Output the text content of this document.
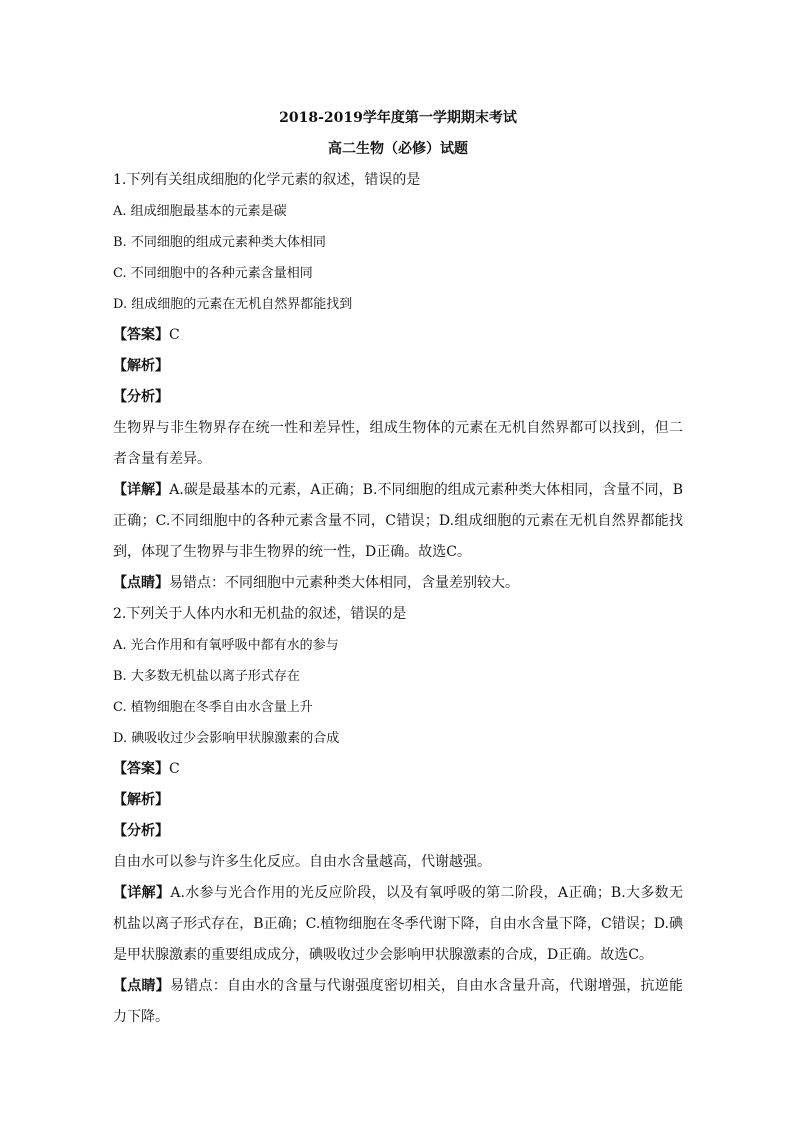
2018-2019学年度第一学期期末考试

高二生物（必修）试题

1.下列有关组成细胞的化学元素的叙述，错误的是

A. 组成细胞最基本的元素是碳

B. 不同细胞的组成元素种类大体相同

C. 不同细胞中的各种元素含量相同

D. 组成细胞的元素在无机自然界都能找到

【答案】C

【解析】

【分析】

生物界与非生物界存在统一性和差异性，组成生物体的元素在无机自然界都可以找到，但二者含量有差异。

【详解】A.碳是最基本的元素，A正确；B.不同细胞的组成元素种类大体相同，含量不同，B正确；C.不同细胞中的各种元素含量不同，C错误；D.组成细胞的元素在无机自然界都能找到，体现了生物界与非生物界的统一性，D正确。故选C。

【点睛】易错点：不同细胞中元素种类大体相同，含量差别较大。

2.下列关于人体内水和无机盐的叙述，错误的是

A. 光合作用和有氧呼吸中都有水的参与

B. 大多数无机盐以离子形式存在

C. 植物细胞在冬季自由水含量上升

D. 碘吸收过少会影响甲状腺激素的合成

【答案】C

【解析】

【分析】

自由水可以参与许多生化反应。自由水含量越高，代谢越强。

【详解】A.水参与光合作用的光反应阶段，以及有氧呼吸的第二阶段，A正确；B.大多数无机盐以离子形式存在，B正确；C.植物细胞在冬季代谢下降，自由水含量下降，C错误；D.碘是甲状腺激素的重要组成成分，碘吸收过少会影响甲状腺激素的合成，D正确。故选C。

【点睛】易错点：自由水的含量与代谢强度密切相关，自由水含量升高，代谢增强，抗逆能力下降。
